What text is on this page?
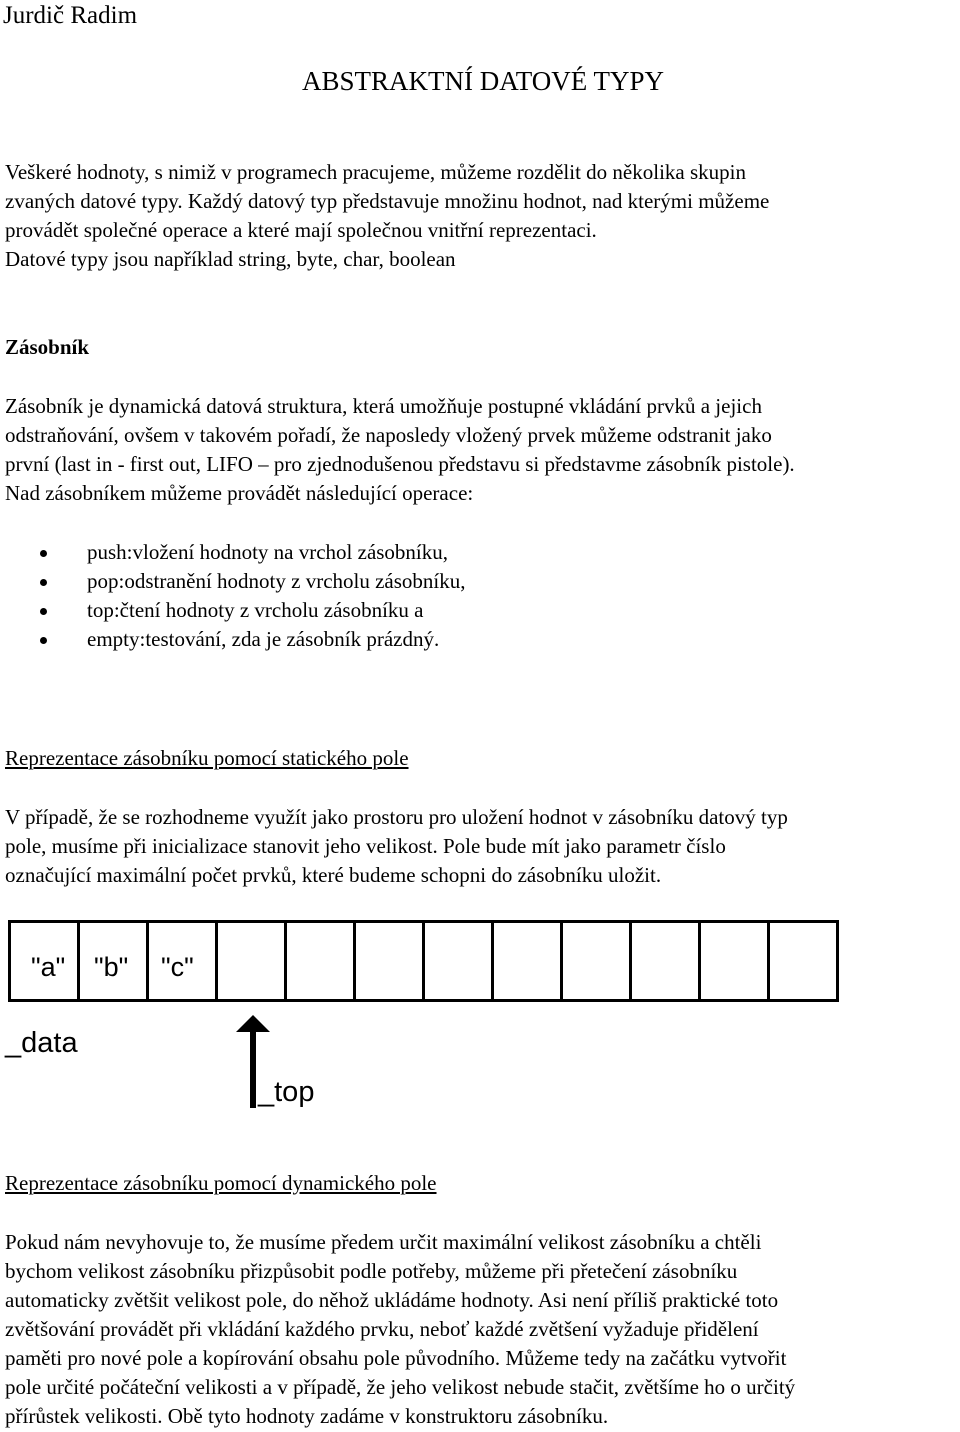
Jurdič Radim
ABSTRAKTNÍ DATOVÉ TYPY
Veškeré hodnoty, s nimiž v programech pracujeme, můžeme rozdělit do několika skupin
zvaných datové typy. Každý datový typ představuje množinu hodnot, nad kterými můžeme
provádět společné operace a které mají společnou vnitřní reprezentaci.
Datové typy jsou například string, byte, char, boolean
Zásobník
Zásobník je dynamická datová struktura, která umožňuje postupné vkládání prvků a jejich
odstraňování, ovšem v takovém pořadí, že naposledy vložený prvek můžeme odstranit jako
první (last in - first out, LIFO – pro zjednodušenou představu si představme zásobník pistole).
Nad zásobníkem můžeme provádět následující operace:
push:vložení hodnoty na vrchol zásobníku,
pop:odstranění hodnoty z vrcholu zásobníku,
top:čtení hodnoty z vrcholu zásobníku a
empty:testování, zda je zásobník prázdný.
Reprezentace zásobníku pomocí statického pole
V případě, že se rozhodneme využít jako prostoru pro uložení hodnot v zásobníku datový typ
pole, musíme při inicializace stanovit jeho velikost. Pole bude mít jako parametr číslo
označující maximální počet prvků, které budeme schopni do zásobníku uložit.
"a" "b" "c"
_data
_top
Reprezentace zásobníku pomocí dynamického pole
Pokud nám nevyhovuje to, že musíme předem určit maximální velikost zásobníku a chtěli
bychom velikost zásobníku přizpůsobit podle potřeby, můžeme při přetečení zásobníku
automaticky zvětšit velikost pole, do něhož ukládáme hodnoty. Asi není příliš praktické toto
zvětšování provádět při vkládání každého prvku, neboť každé zvětšení vyžaduje přidělení
paměti pro nové pole a kopírování obsahu pole původního. Můžeme tedy na začátku vytvořit
pole určité počáteční velikosti a v případě, že jeho velikost nebude stačit, zvětšíme ho o určitý
přírůstek velikosti. Obě tyto hodnoty zadáme v konstruktoru zásobníku.
